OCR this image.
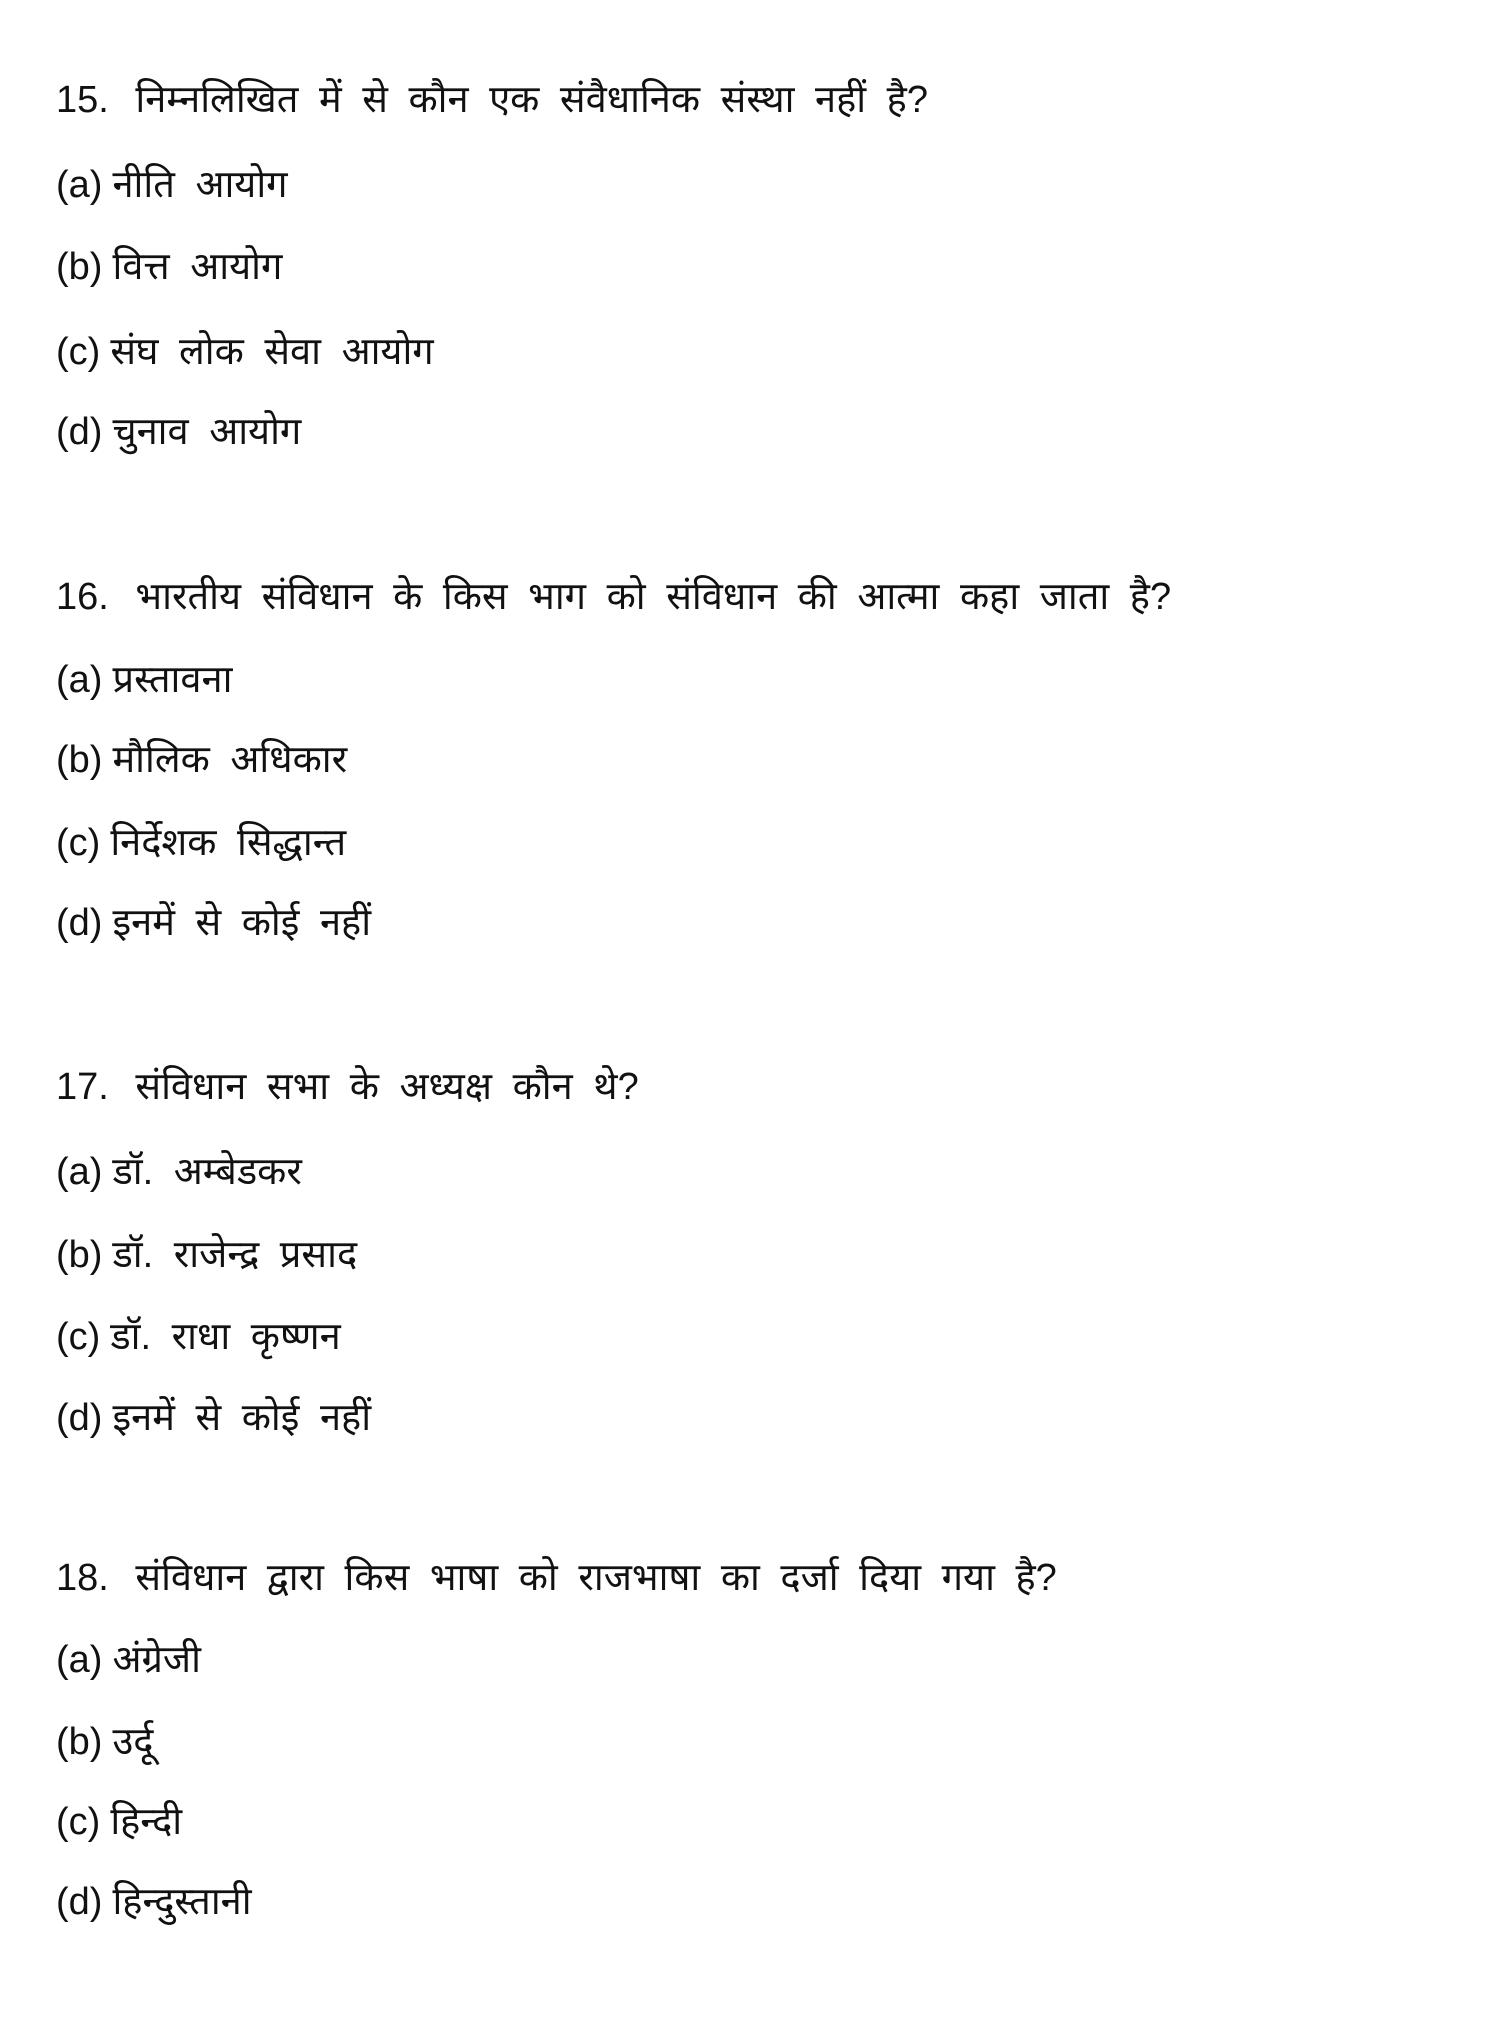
15. निम्नलिखित में से कौन एक संवैधानिक संस्था नहीं है?
(a) नीति आयोग
(b) वित्त आयोग
(c) संघ लोक सेवा आयोग
(d) चुनाव आयोग
16. भारतीय संविधान के किस भाग को संविधान की आत्मा कहा जाता है?
(a) प्रस्तावना
(b) मौलिक अधिकार
(c) निर्देशक सिद्धान्त
(d) इनमें से कोई नहीं
17. संविधान सभा के अध्यक्ष कौन थे?
(a) डॉ. अम्बेडकर
(b) डॉ. राजेन्द्र प्रसाद
(c) डॉ. राधा कृष्णन
(d) इनमें से कोई नहीं
18. संविधान द्वारा किस भाषा को राजभाषा का दर्जा दिया गया है?
(a) अंग्रेजी
(b) उर्दू
(c) हिन्दी
(d) हिन्दुस्तानी
